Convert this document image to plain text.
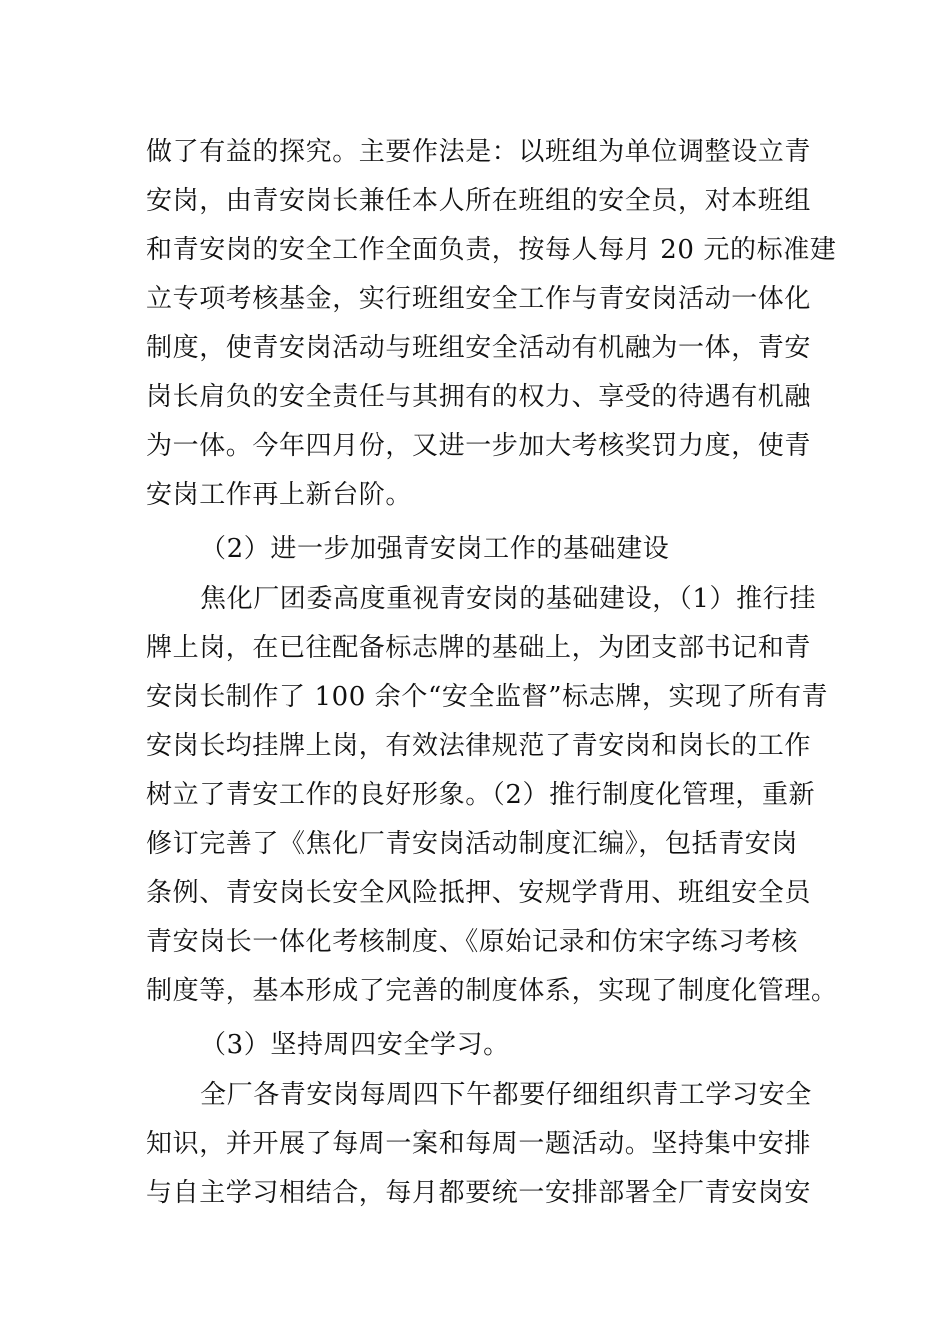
做了有益的探究。主要作法是：以班组为单位调整设立青
安岗，由青安岗长兼任本人所在班组的安全员，对本班组
和青安岗的安全工作全面负责，按每人每月 20 元的标准建
立专项考核基金，实行班组安全工作与青安岗活动一体化
制度，使青安岗活动与班组安全活动有机融为一体，青安
岗长肩负的安全责任与其拥有的权力、享受的待遇有机融
为一体。今年四月份，又进一步加大考核奖罚力度，使青
安岗工作再上新台阶。
（2）进一步加强青安岗工作的基础建设
焦化厂团委高度重视青安岗的基础建设，（1）推行挂
牌上岗，在已往配备标志牌的基础上，为团支部书记和青
安岗长制作了 100 余个“安全监督”标志牌，实现了所有青
安岗长均挂牌上岗，有效法律规范了青安岗和岗长的工作
树立了青安工作的良好形象。（2）推行制度化管理，重新
修订完善了《焦化厂青安岗活动制度汇编》，包括青安岗
条例、青安岗长安全风险抵押、安规学背用、班组安全员
青安岗长一体化考核制度、《原始记录和仿宋字练习考核
制度等，基本形成了完善的制度体系，实现了制度化管理。
（3）坚持周四安全学习。
全厂各青安岗每周四下午都要仔细组织青工学习安全
知识，并开展了每周一案和每周一题活动。坚持集中安排
与自主学习相结合，每月都要统一安排部署全厂青安岗安
